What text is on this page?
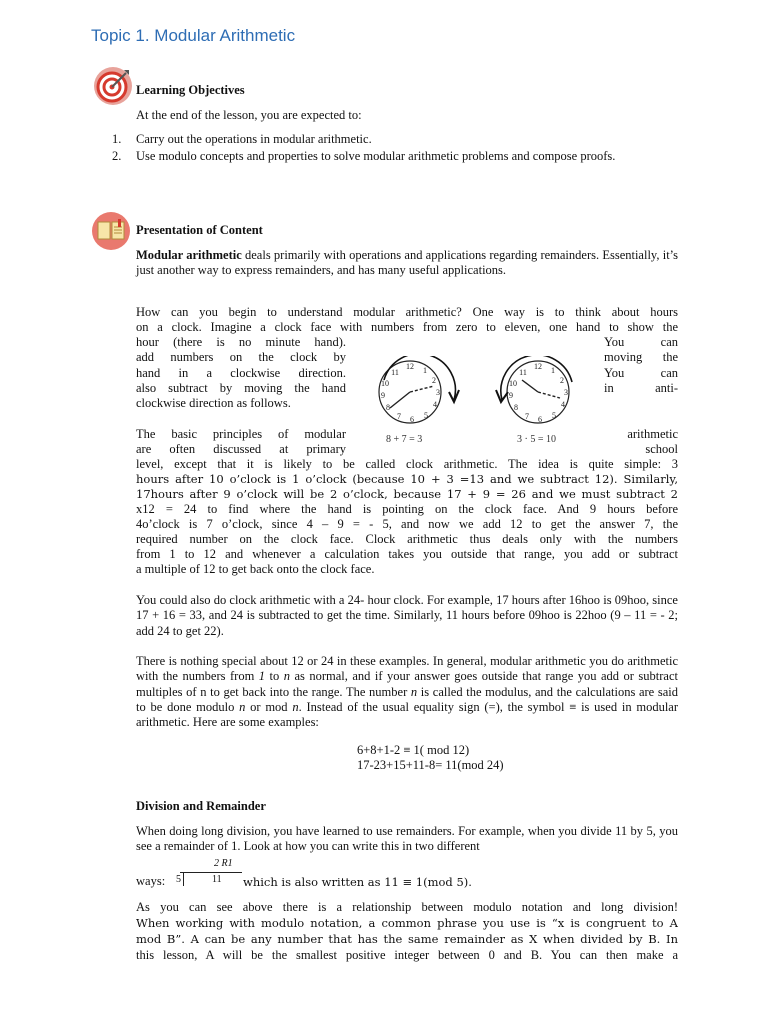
Topic 1. Modular Arithmetic
Learning Objectives
At the end of the lesson, you are expected to:
1. Carry out the operations in modular arithmetic.
2. Use modulo concepts and properties to solve modular arithmetic problems and compose proofs.
Presentation of Content
Modular arithmetic deals primarily with operations and applications regarding remainders. Essentially, it’s just another way to express remainders, and has many useful applications.
How can you begin to understand modular arithmetic? One way is to think about hours
on a clock. Imagine a clock face with numbers from zero to eleven, one hand to show the
hour (there is no minute hand).
add numbers on the clock by
hand in a clockwise direction.
also subtract by moving the hand
clockwise direction as follows.
You can
moving the
You can
in anti-
12 1
2
3
4
5
6
7
8
9
10
11
8 + 7 = 3
12 1
2
3
4
5
6
7
8
9
10
11
3 · 5 = 10
The basic principles of modular
are often discussed at primary
arithmetic
school
level, except that it is likely to be called clock arithmetic. The idea is quite simple: 3
hours after 10 o’clock is 1 o’clock (because 10 + 3 =13 and we subtract 12). Similarly,
17hours after 9 o’clock will be 2 o’clock, because 17 + 9 = 26 and we must subtract 2
x12 = 24 to find where the hand is pointing on the clock face. And 9 hours before
4o’clock is 7 o’clock, since 4 – 9 = - 5, and now we add 12 to get the answer 7, the
required number on the clock face. Clock arithmetic thus deals only with the numbers
from 1 to 12 and whenever a calculation takes you outside that range, you add or subtract
a multiple of 12 to get back onto the clock face.
You could also do clock arithmetic with a 24- hour clock. For example, 17 hours after 16hoo is 09hoo, since 17 + 16 = 33, and 24 is subtracted to get the time. Similarly, 11 hours before 09hoo is 22hoo (9 – 11 = - 2; add 24 to get 22).
There is nothing special about 12 or 24 in these examples. In general, modular arithmetic you do arithmetic with the numbers from 1 to n as normal, and if your answer goes outside that range you add or subtract multiples of n to get back into the range. The number n is called the modulus, and the calculations are said to be done modulo n or mod n. Instead of the usual equality sign (=), the symbol ≡ is used in modular arithmetic. Here are some examples:
6+8+1-2 ≡ 1( mod 12)
17-23+15+11-8= 11(mod 24)
Division and Remainder
When doing long division, you have learned to use remainders. For example, when you divide 11 by 5, you see a remainder of 1. Look at how you can write this in two different
ways:
2 R1
5	11 which is also written as 11 ≡ 1(mod 5).
As you can see above there is a relationship between modulo notation and long division!
When working with modulo notation, a common phrase you use is “x is congruent to A
mod B”. A can be any number that has the same remainder as X when divided by B. In
this lesson, A will be the smallest positive integer between 0 and B. You can then make a
